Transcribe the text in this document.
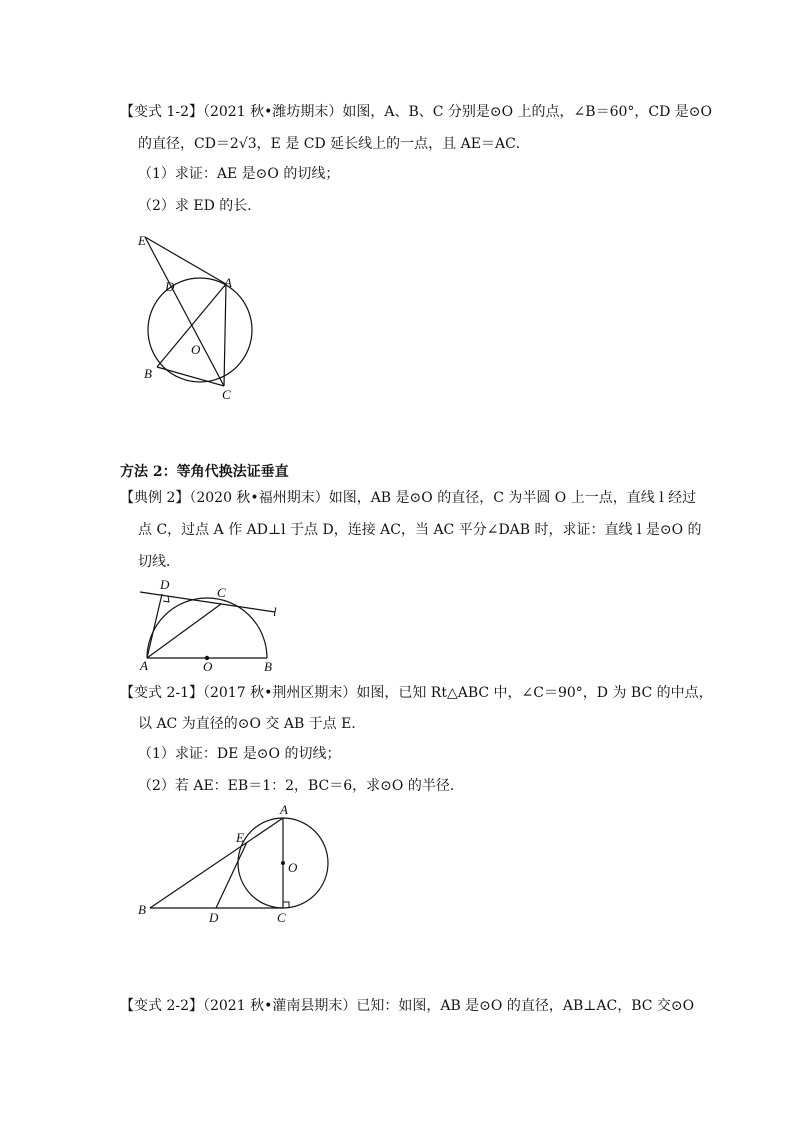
【变式 1-2】（2021 秋•潍坊期末）如图，A、B、C 分别是⊙O 上的点，∠B＝60°，CD 是⊙O
的直径，CD＝2√3，E 是 CD 延长线上的一点，且 AE＝AC．
（1）求证：AE 是⊙O 的切线；
（2）求 ED 的长．
E
D	A
O
B
C
方法 2：等角代换法证垂直
【典例 2】（2020 秋•福州期末）如图，AB 是⊙O 的直径，C 为半圆 O 上一点，直线 l 经过
点 C，过点 A 作 AD⊥l 于点 D，连接 AC，当 AC 平分∠DAB 时，求证：直线 l 是⊙O 的
切线．
D
C
l
A	O	B
【变式 2-1】（2017 秋•荆州区期末）如图，已知 Rt△ABC 中，∠C＝90°，D 为 BC 的中点，
以 AC 为直径的⊙O 交 AB 于点 E．
（1）求证：DE 是⊙O 的切线；
（2）若 AE：EB＝1：2，BC＝6，求⊙O 的半径．
A
E
O
B
D	C
【变式 2-2】（2021 秋•灌南县期末）已知：如图，AB 是⊙O 的直径，AB⊥AC，BC 交⊙O
